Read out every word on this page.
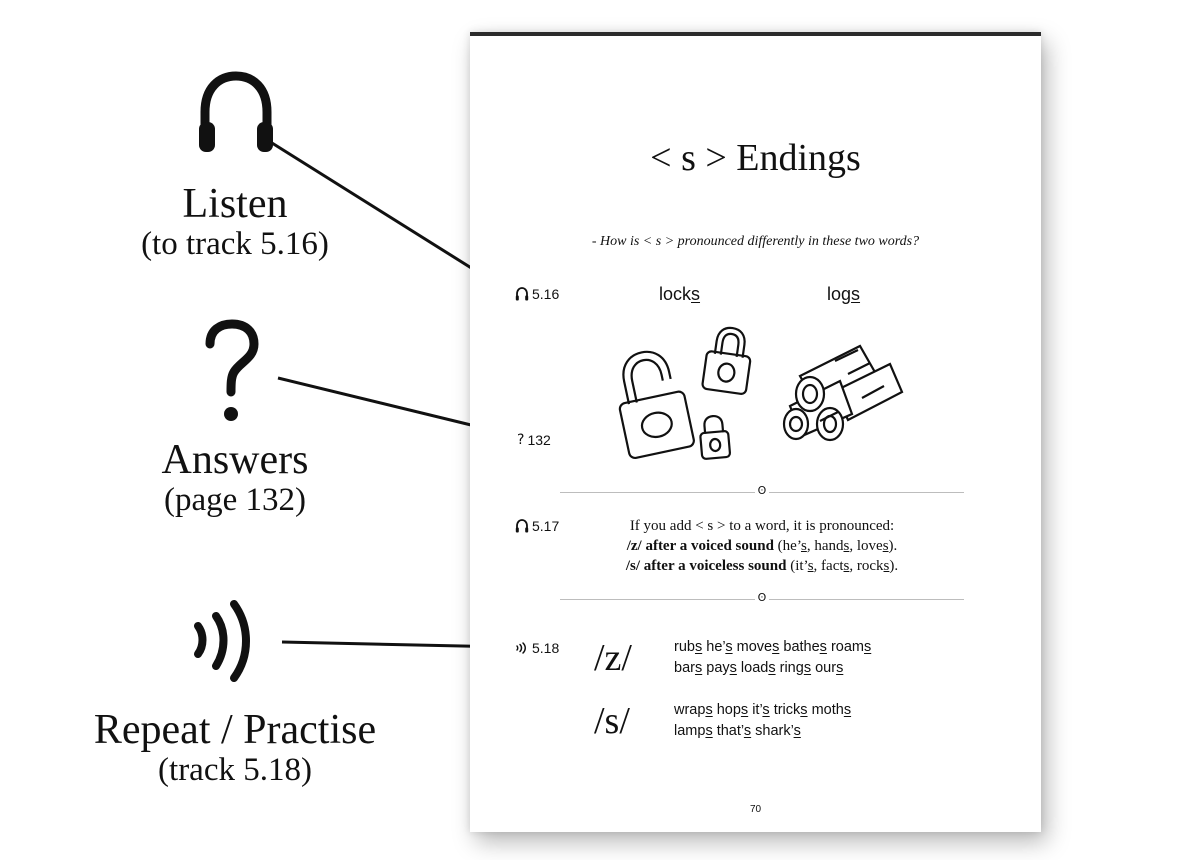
Listen
(to track 5.16)
Answers
(page 132)
Repeat / Practise
(track 5.18)
< s > Endings
- How is < s > pronounced differently in these two words?
5.16	locks	logs
? 132
ʘ
5.17	If you add < s > to a word, it is pronounced:
/z/ after a voiced sound (he’s, hands, loves).
/s/ after a voiceless sound (it’s, facts, rocks).
ʘ
5.18 /z/	rubs he’s moves bathes roams
bars pays loads rings ours
/s/	wraps hops it’s tricks moths
lamps that’s shark’s
70
